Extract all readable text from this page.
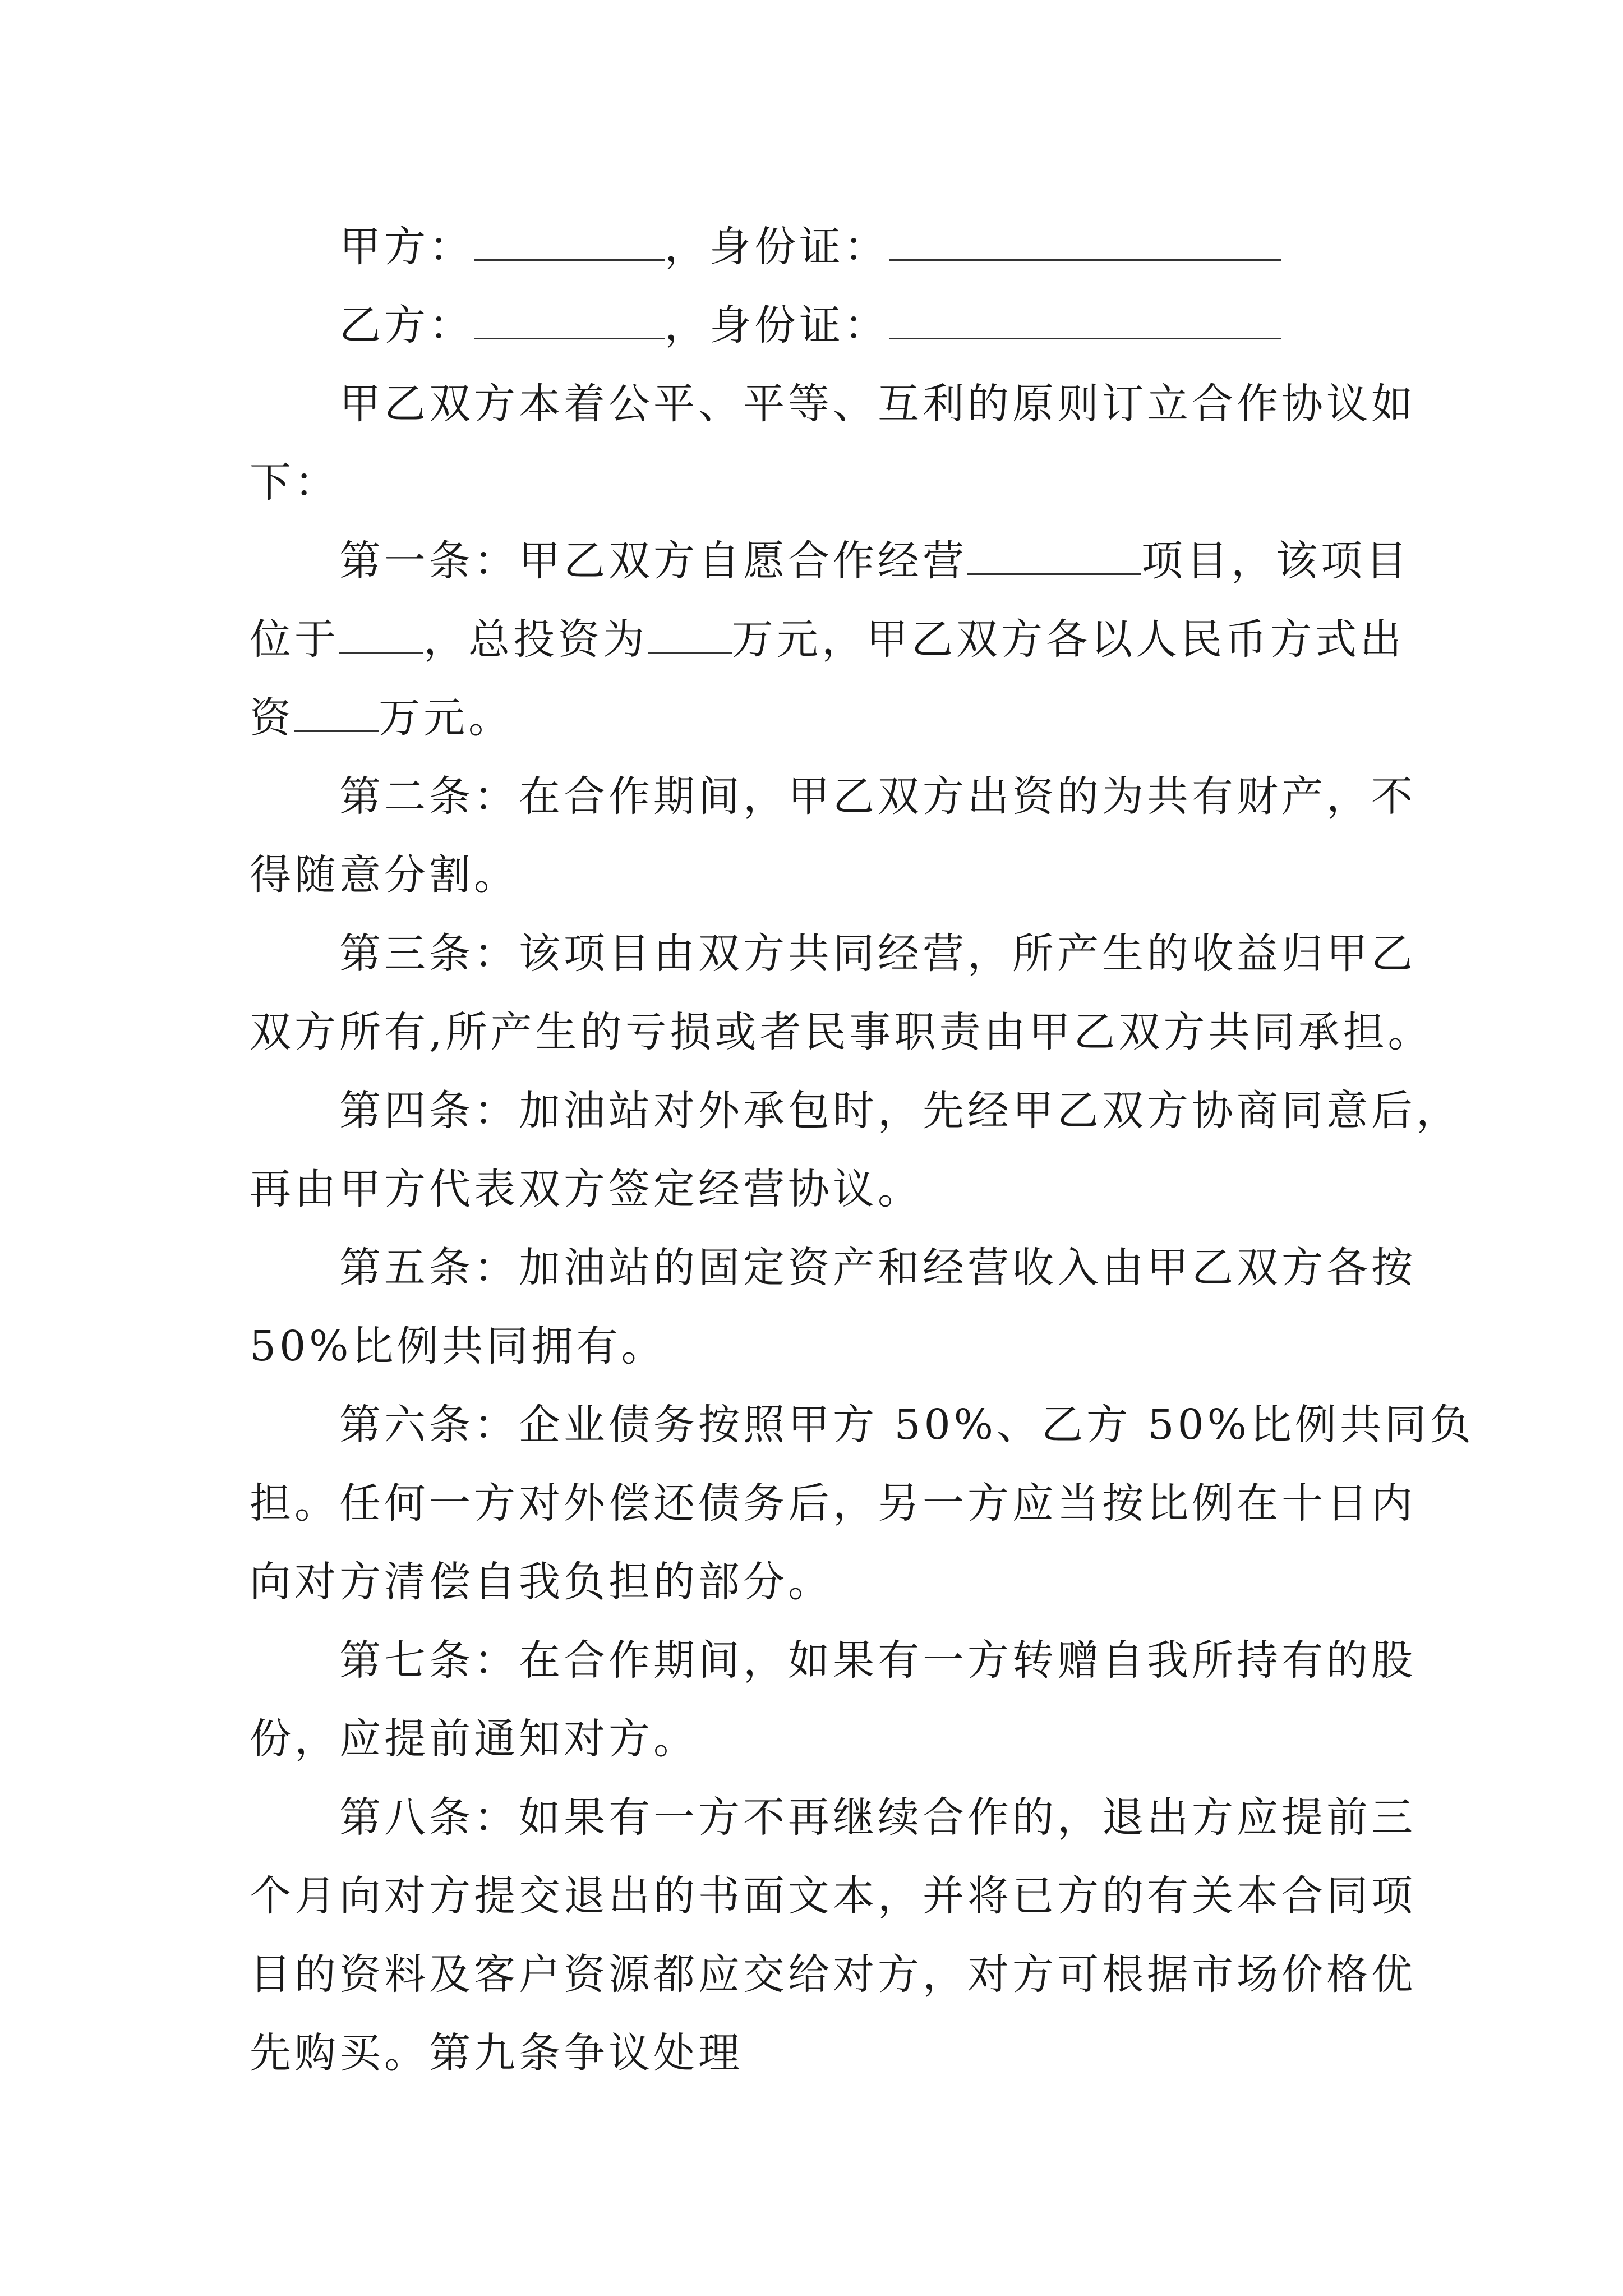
甲方：	，身份证：
乙方：	，身份证：
甲乙双方本着公平、平等、互利的原则订立合作协议如
下：
第一条：甲乙双方自愿合作经营	项目，该项目
位于 ，总投资为 万元，甲乙双方各以人民币方式出
资 万元。
第二条：在合作期间，甲乙双方出资的为共有财产，不
得随意分割。
第三条：该项目由双方共同经营，所产生的收益归甲乙
双方所有,所产生的亏损或者民事职责由甲乙双方共同承担。
第四条：加油站对外承包时，先经甲乙双方协商同意后，
再由甲方代表双方签定经营协议。
第五条：加油站的固定资产和经营收入由甲乙双方各按
50%比例共同拥有。
第六条：企业债务按照甲方 50%、乙方 50%比例共同负
担。任何一方对外偿还债务后，另一方应当按比例在十日内
向对方清偿自我负担的部分。
第七条：在合作期间，如果有一方转赠自我所持有的股
份，应提前通知对方。
第八条：如果有一方不再继续合作的，退出方应提前三
个月向对方提交退出的书面文本，并将已方的有关本合同项
目的资料及客户资源都应交给对方，对方可根据市场价格优
先购买。第九条争议处理
